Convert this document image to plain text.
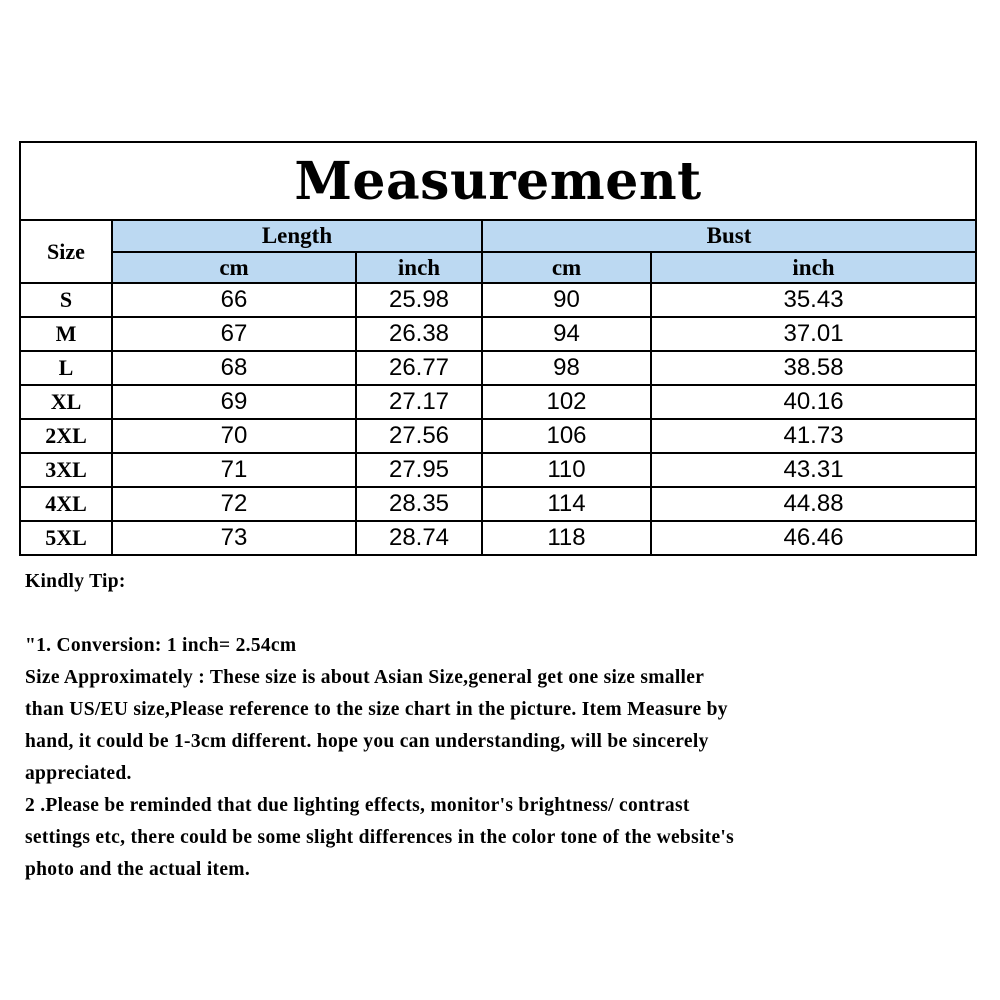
Measurement				
Size	Length		Bust	
	cm	inch	cm	inch
S	66	25.98	90	35.43
M	67	26.38	94	37.01
L	68	26.77	98	38.58
XL	69	27.17	102	40.16
2XL	70	27.56	106	41.73
3XL	71	27.95	110	43.31
4XL	72	28.35	114	44.88
5XL	73	28.74	118	46.46
Kindly Tip:
"1. Conversion: 1 inch= 2.54cm
Size Approximately : These size is about Asian Size,general get one size smaller
than US/EU size,Please reference to the size chart in the picture. Item Measure by
hand, it could be 1-3cm different. hope you can understanding, will be sincerely
appreciated.
2 .Please be reminded that due lighting effects, monitor's brightness/ contrast
settings etc, there could be some slight differences in the color tone of the website's
photo and the actual item.
